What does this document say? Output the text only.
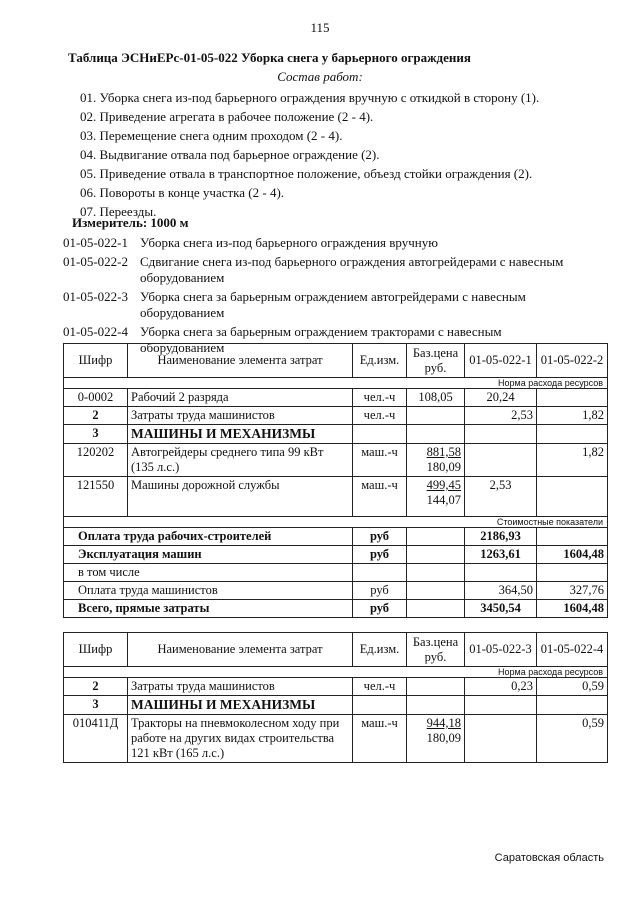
115
Таблица ЭСНиЕРс-01-05-022 Уборка снега у барьерного ограждения
Состав работ:
01. Уборка снега из-под барьерного ограждения вручную с откидкой в сторону (1).
02. Приведение агрегата в рабочее положение (2 - 4).
03. Перемещение снега одним проходом (2 - 4).
04. Выдвигание отвала под барьерное ограждение (2).
05. Приведение отвала в транспортное положение, объезд стойки ограждения (2).
06. Повороты в конце участка (2 - 4).
07. Переезды.
Измеритель: 1000 м
01-05-022-1 Уборка снега из-под барьерного ограждения вручную
01-05-022-2 Сдвигание снега из-под барьерного ограждения автогрейдерами с навесным оборудованием
01-05-022-3 Уборка снега за барьерным ограждением автогрейдерами с навесным оборудованием
01-05-022-4 Уборка снега за барьерным ограждением тракторами с навесным оборудованием
Шифр	Наименование элемента затрат	Ед.изм.	Баз.цена руб.	01-05-022-1	01-05-022-2
Норма расхода ресурсов					
0-0002	Рабочий 2 разряда	чел.-ч	108,05	20,24	
2	Затраты труда машинистов	чел.-ч		2,53	1,82
3	МАШИНЫ И МЕХАНИЗМЫ				
120202	Автогрейдеры среднего типа 99 кВт (135 л.с.)	маш.-ч	881,58
180,09		1,82
121550	Машины дорожной службы	маш.-ч	499,45
144,07	2,53	
Стоимостные показатели					
Оплата труда рабочих-строителей		руб		2186,93	
Эксплуатация машин		руб		1263,61	1604,48
в том числе					
Оплата труда машинистов		руб		364,50	327,76
Всего, прямые затраты		руб		3450,54	1604,48
Шифр	Наименование элемента затрат	Ед.изм.	Баз.цена руб.	01-05-022-3	01-05-022-4
Норма расхода ресурсов					
2	Затраты труда машинистов	чел.-ч		0,23	0,59
3	МАШИНЫ И МЕХАНИЗМЫ				
010411Д	Тракторы на пневмоколесном ходу при работе на других видах строительства 121 кВт (165 л.с.)	маш.-ч	944,18
180,09		0,59
Саратовская область
